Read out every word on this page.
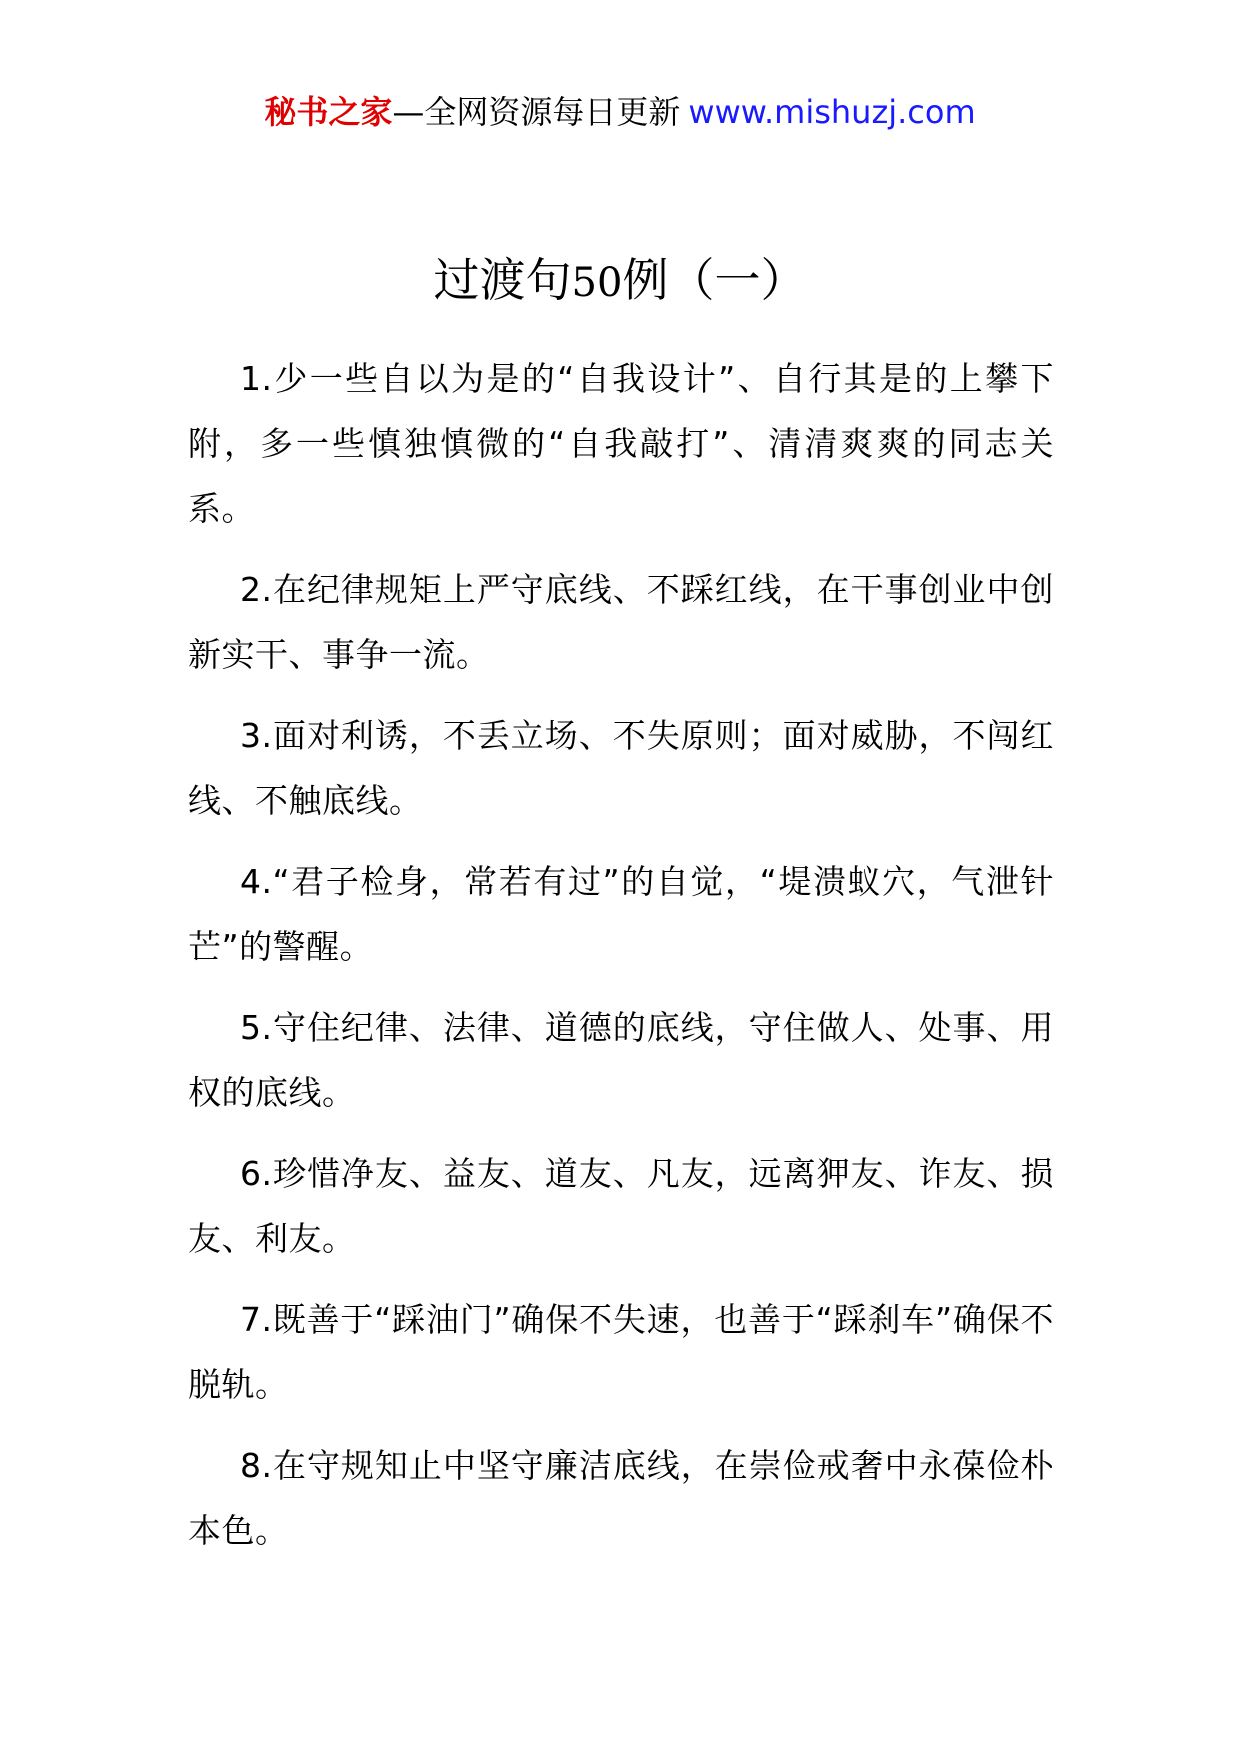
秘书之家—全网资源每日更新 www.mishuzj.com
过渡句50例（一）

1.少一些自以为是的“自我设计”、自行其是的上攀下附，多一些慎独慎微的“自我敲打”、清清爽爽的同志关系。

2.在纪律规矩上严守底线、不踩红线，在干事创业中创新实干、事争一流。

3.面对利诱，不丢立场、不失原则；面对威胁，不闯红线、不触底线。

4.“君子检身，常若有过”的自觉，“堤溃蚁穴，气泄针芒”的警醒。

5.守住纪律、法律、道德的底线，守住做人、处事、用权的底线。

6.珍惜净友、益友、道友、凡友，远离狎友、诈友、损友、利友。

7.既善于“踩油门”确保不失速，也善于“踩刹车”确保不脱轨。

8.在守规知止中坚守廉洁底线，在崇俭戒奢中永葆俭朴本色。
